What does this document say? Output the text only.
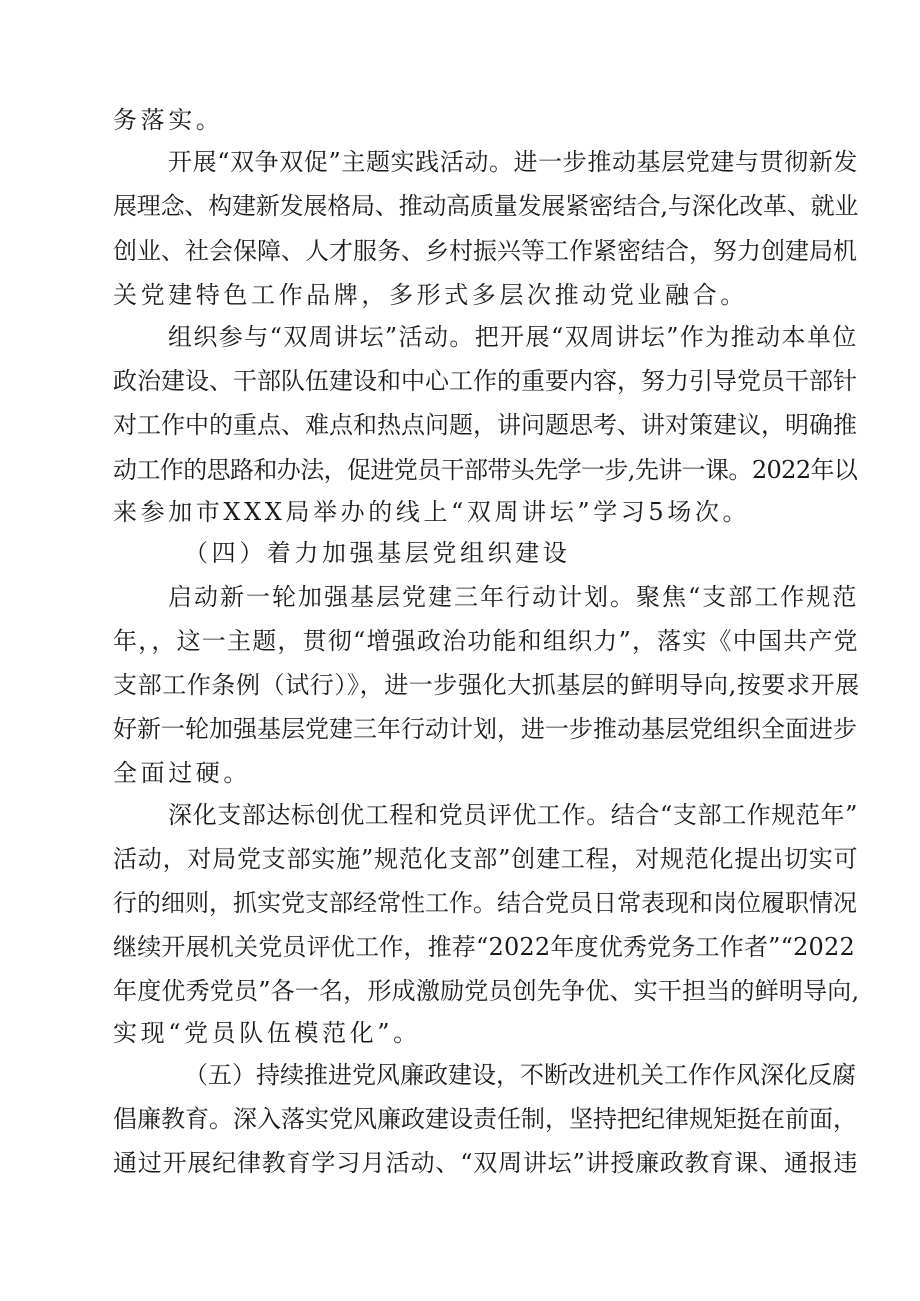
务落实。
开展“双争双促”主题实践活动。进一步推动基层党建与贯彻新发
展理念、构建新发展格局、推动高质量发展紧密结合,与深化改革、就业
创业、社会保障、人才服务、乡村振兴等工作紧密结合，努力创建局机
关党建特色工作品牌，多形式多层次推动党业融合。
组织参与“双周讲坛”活动。把开展“双周讲坛”作为推动本单位
政治建设、干部队伍建设和中心工作的重要内容，努力引导党员干部针
对工作中的重点、难点和热点问题，讲问题思考、讲对策建议，明确推
动工作的思路和办法，促进党员干部带头先学一步,先讲一课。2022年以
来参加市XXX局举办的线上“双周讲坛”学习5场次。
（四）着力加强基层党组织建设
启动新一轮加强基层党建三年行动计划。聚焦“支部工作规范
年，，这一主题，贯彻“增强政治功能和组织力”，落实《中国共产党
支部工作条例（试行）》，进一步强化大抓基层的鲜明导向,按要求开展
好新一轮加强基层党建三年行动计划，进一步推动基层党组织全面进步
全面过硬。
深化支部达标创优工程和党员评优工作。结合“支部工作规范年”
活动，对局党支部实施”规范化支部”创建工程，对规范化提出切实可
行的细则，抓实党支部经常性工作。结合党员日常表现和岗位履职情况
继续开展机关党员评优工作，推荐“2022年度优秀党务工作者”“2022
年度优秀党员”各一名，形成激励党员创先争优、实干担当的鲜明导向,
实现“党员队伍模范化”。
（五）持续推进党风廉政建设，不断改进机关工作作风深化反腐
倡廉教育。深入落实党风廉政建设责任制，坚持把纪律规矩挺在前面，
通过开展纪律教育学习月活动、“双周讲坛”讲授廉政教育课、通报违
